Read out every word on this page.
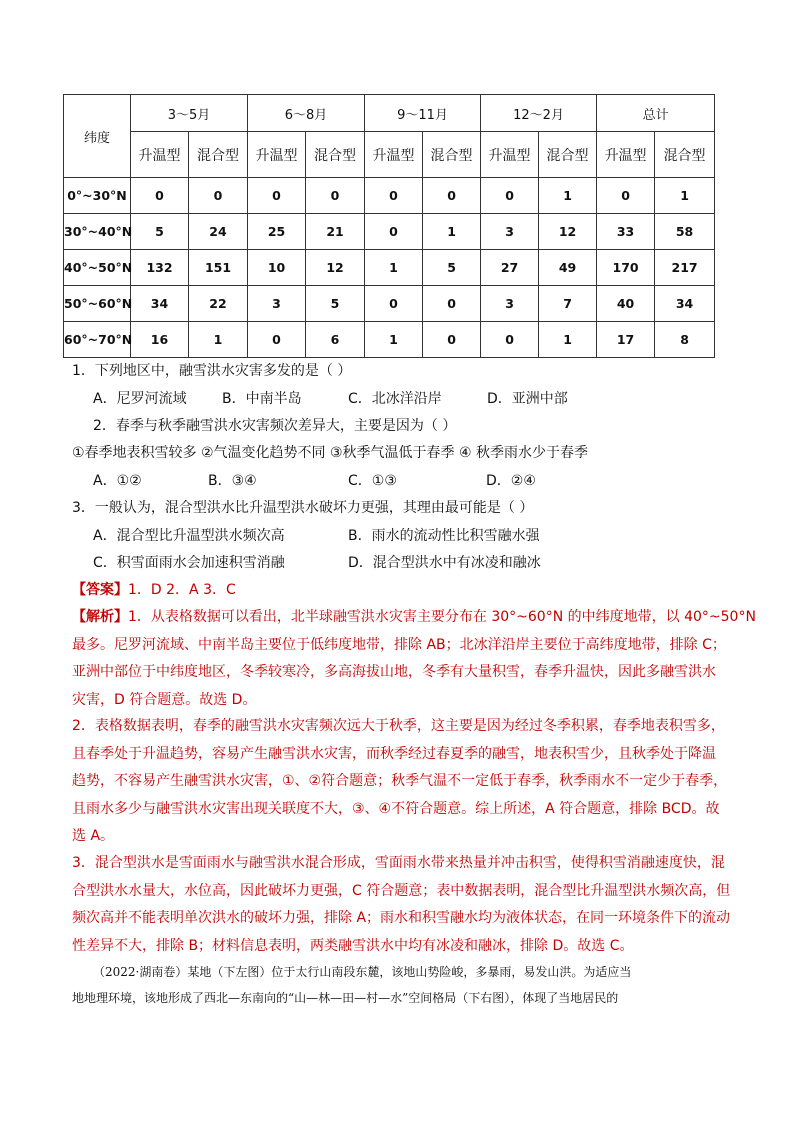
纬度	3～5月		6～8月		9～11月		12～2月		总计	
	升温型	混合型	升温型	混合型	升温型	混合型	升温型	混合型	升温型	混合型
0°~30°N	0	0	0	0	0	0	0	1	0	1
30°~40°N	5	24	25	21	0	1	3	12	33	58
40°~50°N	132	151	10	12	1	5	27	49	170	217
50°~60°N	34	22	3	5	0	0	3	7	40	34
60°~70°N	16	1	0	6	1	0	0	1	17	8
1．下列地区中，融雪洪水灾害多发的是（ ）
A．尼罗河流域	B．中南半岛	C．北冰洋沿岸	D．亚洲中部
2．春季与秋季融雪洪水灾害频次差异大，主要是因为（ ）
①春季地表积雪较多 ②气温变化趋势不同 ③秋季气温低于春季 ④ 秋季雨水少于春季
A．①②	B．③④	C．①③	D．②④
3．一般认为，混合型洪水比升温型洪水破坏力更强，其理由最可能是（ ）
A．混合型比升温型洪水频次高	B．雨水的流动性比积雪融水强
C．积雪面雨水会加速积雪消融	D．混合型洪水中有冰凌和融冰
【答案】1．D 2．A 3．C

【解析】1．从表格数据可以看出，北半球融雪洪水灾害主要分布在 30°~60°N 的中纬度地带，以 40°~50°N

最多。尼罗河流域、中南半岛主要位于低纬度地带，排除 AB；北冰洋沿岸主要位于高纬度地带，排除 C；

亚洲中部位于中纬度地区，冬季较寒冷，多高海拔山地，冬季有大量积雪，春季升温快，因此多融雪洪水

灾害，D 符合题意。故选 D。

2．表格数据表明，春季的融雪洪水灾害频次远大于秋季，这主要是因为经过冬季积累，春季地表积雪多，

且春季处于升温趋势，容易产生融雪洪水灾害，而秋季经过春夏季的融雪，地表积雪少，且秋季处于降温

趋势，不容易产生融雪洪水灾害，①、②符合题意；秋季气温不一定低于春季，秋季雨水不一定少于春季，

且雨水多少与融雪洪水灾害出现关联度不大，③、④不符合题意。综上所述，A 符合题意，排除 BCD。故

选 A。

3．混合型洪水是雪面雨水与融雪洪水混合形成，雪面雨水带来热量并冲击积雪，使得积雪消融速度快，混

合型洪水水量大，水位高，因此破坏力更强，C 符合题意；表中数据表明，混合型比升温型洪水频次高，但

频次高并不能表明单次洪水的破坏力强，排除 A；雨水和积雪融水均为液体状态，在同一环境条件下的流动

性差异不大，排除 B；材料信息表明，两类融雪洪水中均有冰凌和融冰，排除 D。故选 C。

（2022·湖南卷）某地（下左图）位于太行山南段东麓，该地山势险峻，多暴雨，易发山洪。为适应当
地地理环境，该地形成了西北—东南向的“山—林—田—村—水”空间格局（下右图），体现了当地居民的
